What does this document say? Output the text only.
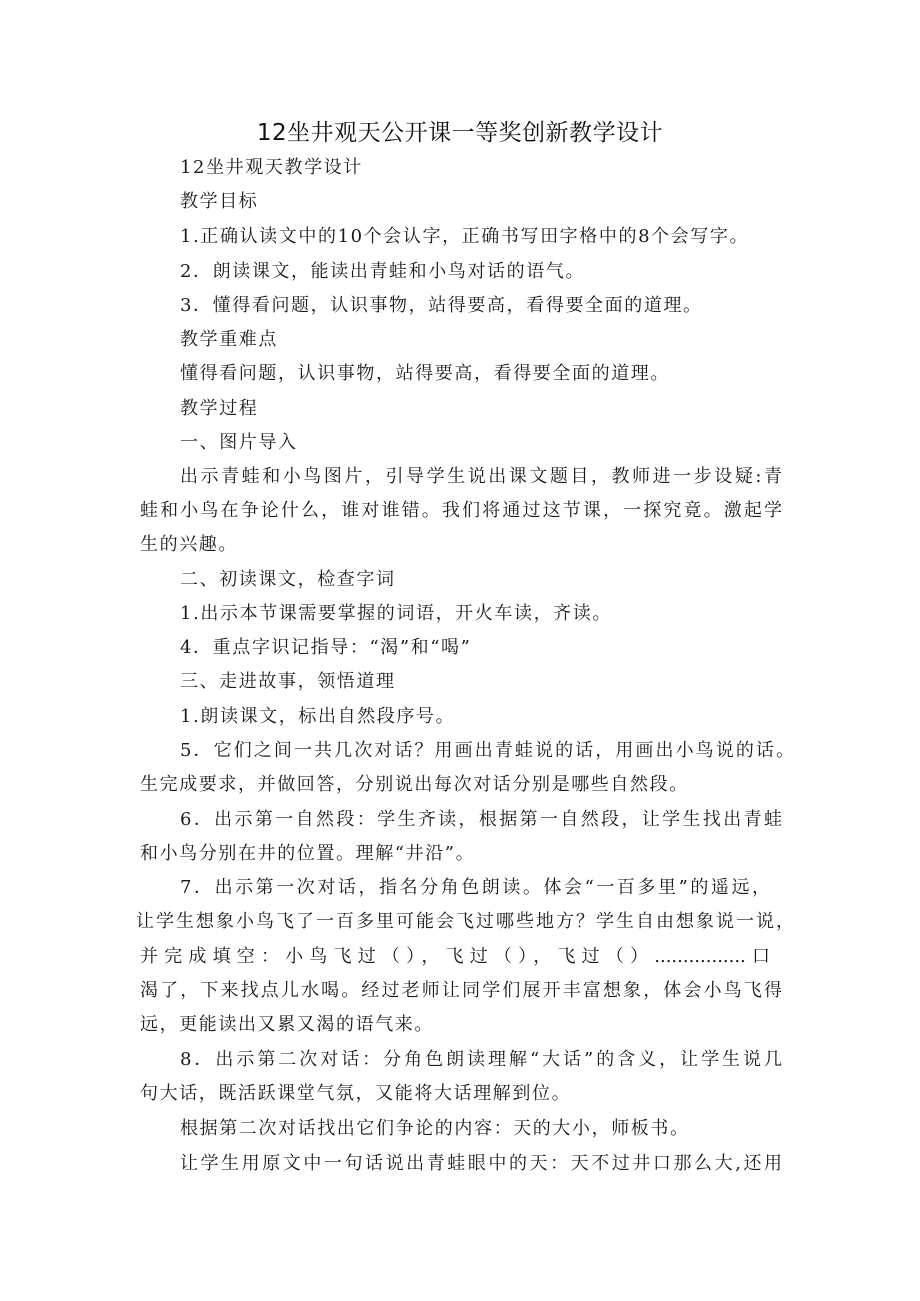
12坐井观天公开课一等奖创新教学设计

12坐井观天教学设计

教学目标

1.正确认读文中的10个会认字，正确书写田字格中的8个会写字。

2．朗读课文，能读出青蛙和小鸟对话的语气。

3．懂得看问题，认识事物，站得要高，看得要全面的道理。

教学重难点

懂得看问题，认识事物，站得要高，看得要全面的道理。

教学过程

一、图片导入

出示青蛙和小鸟图片，引导学生说出课文题目，教师进一步设疑:青

蛙和小鸟在争论什么，谁对谁错。我们将通过这节课，一探究竟。激起学

生的兴趣。

二、初读课文，检查字词

1.出示本节课需要掌握的词语，开火车读，齐读。

4．重点字识记指导：“渴”和“喝”

三、走进故事，领悟道理

1.朗读课文，标出自然段序号。

5．它们之间一共几次对话？用画出青蛙说的话，用画出小鸟说的话。

生完成要求，并做回答，分别说出每次对话分别是哪些自然段。

6．出示第一自然段：学生齐读，根据第一自然段，让学生找出青蛙

和小鸟分别在井的位置。理解“井沿”。

7．出示第一次对话，指名分角色朗读。体会“一百多里”的遥远，

让学生想象小鸟飞了一百多里可能会飞过哪些地方？学生自由想象说一说，

并完成填空：小鸟飞过（），飞过（），飞过（）................口

渴了，下来找点儿水喝。经过老师让同学们展开丰富想象，体会小鸟飞得

远，更能读出又累又渴的语气来。

8．出示第二次对话：分角色朗读理解“大话”的含义，让学生说几

句大话，既活跃课堂气氛，又能将大话理解到位。

根据第二次对话找出它们争论的内容：天的大小，师板书。

让学生用原文中一句话说出青蛙眼中的天：天不过井口那么大,还用
